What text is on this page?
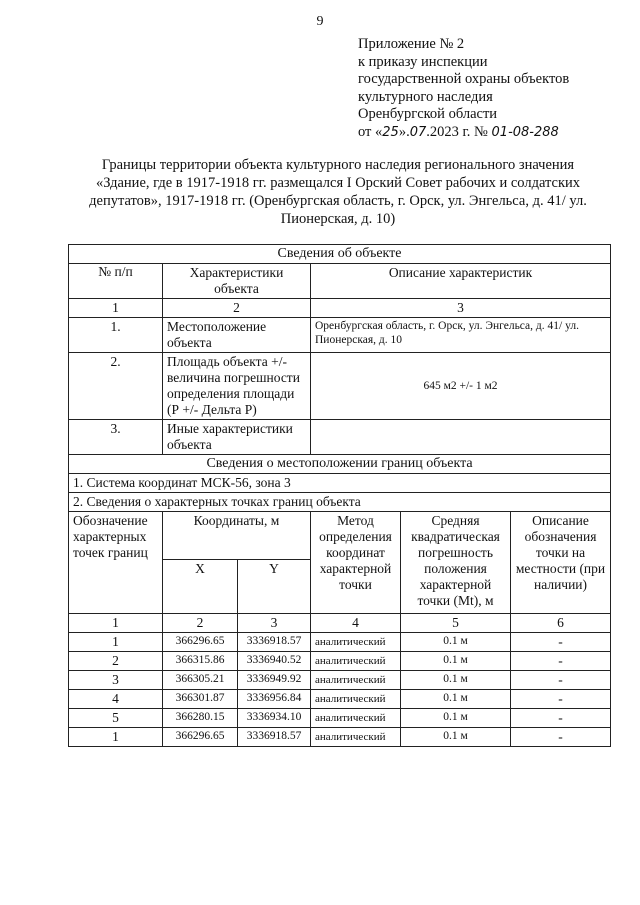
9
Приложение № 2
к приказу инспекции
государственной охраны объектов
культурного наследия
Оренбургской области
от «25».07.2023 г. № 01-08-288
Границы территории объекта культурного наследия регионального значения
«Здание, где в 1917-1918 гг. размещался I Орский Совет рабочих и солдатских
депутатов», 1917-1918 гг. (Оренбургская область, г. Орск, ул. Энгельса, д. 41/ ул.
Пионерская, д. 10)
Сведения об объекте					
№ п/п	Характеристики объекта		Описание характеристик		
1	2		3		
1.	Местоположение объекта		Оренбургская область, г. Орск, ул. Энгельса, д. 41/ ул. Пионерская, д. 10		
2.	Площадь объекта +/- величина погрешности определения площади (Р +/- Дельта Р)		645 м2 +/- 1 м2		
3.	Иные характеристики объекта				
Сведения о местоположении границ объекта					
1. Система координат МСК-56, зона 3					
2. Сведения о характерных точках границ объекта					
Обозначение характерных точек границ	Координаты, м		Метод определения координат характерной точки	Средняя квадратическая погрешность положения характерной точки (Mt), м	Описание обозначения точки на местности (при наличии)
	X	Y			
1	2	3	4	5	6
1	366296.65	3336918.57	аналитический	0.1 м	-
2	366315.86	3336940.52	аналитический	0.1 м	-
3	366305.21	3336949.92	аналитический	0.1 м	-
4	366301.87	3336956.84	аналитический	0.1 м	-
5	366280.15	3336934.10	аналитический	0.1 м	-
1	366296.65	3336918.57	аналитический	0.1 м	-
